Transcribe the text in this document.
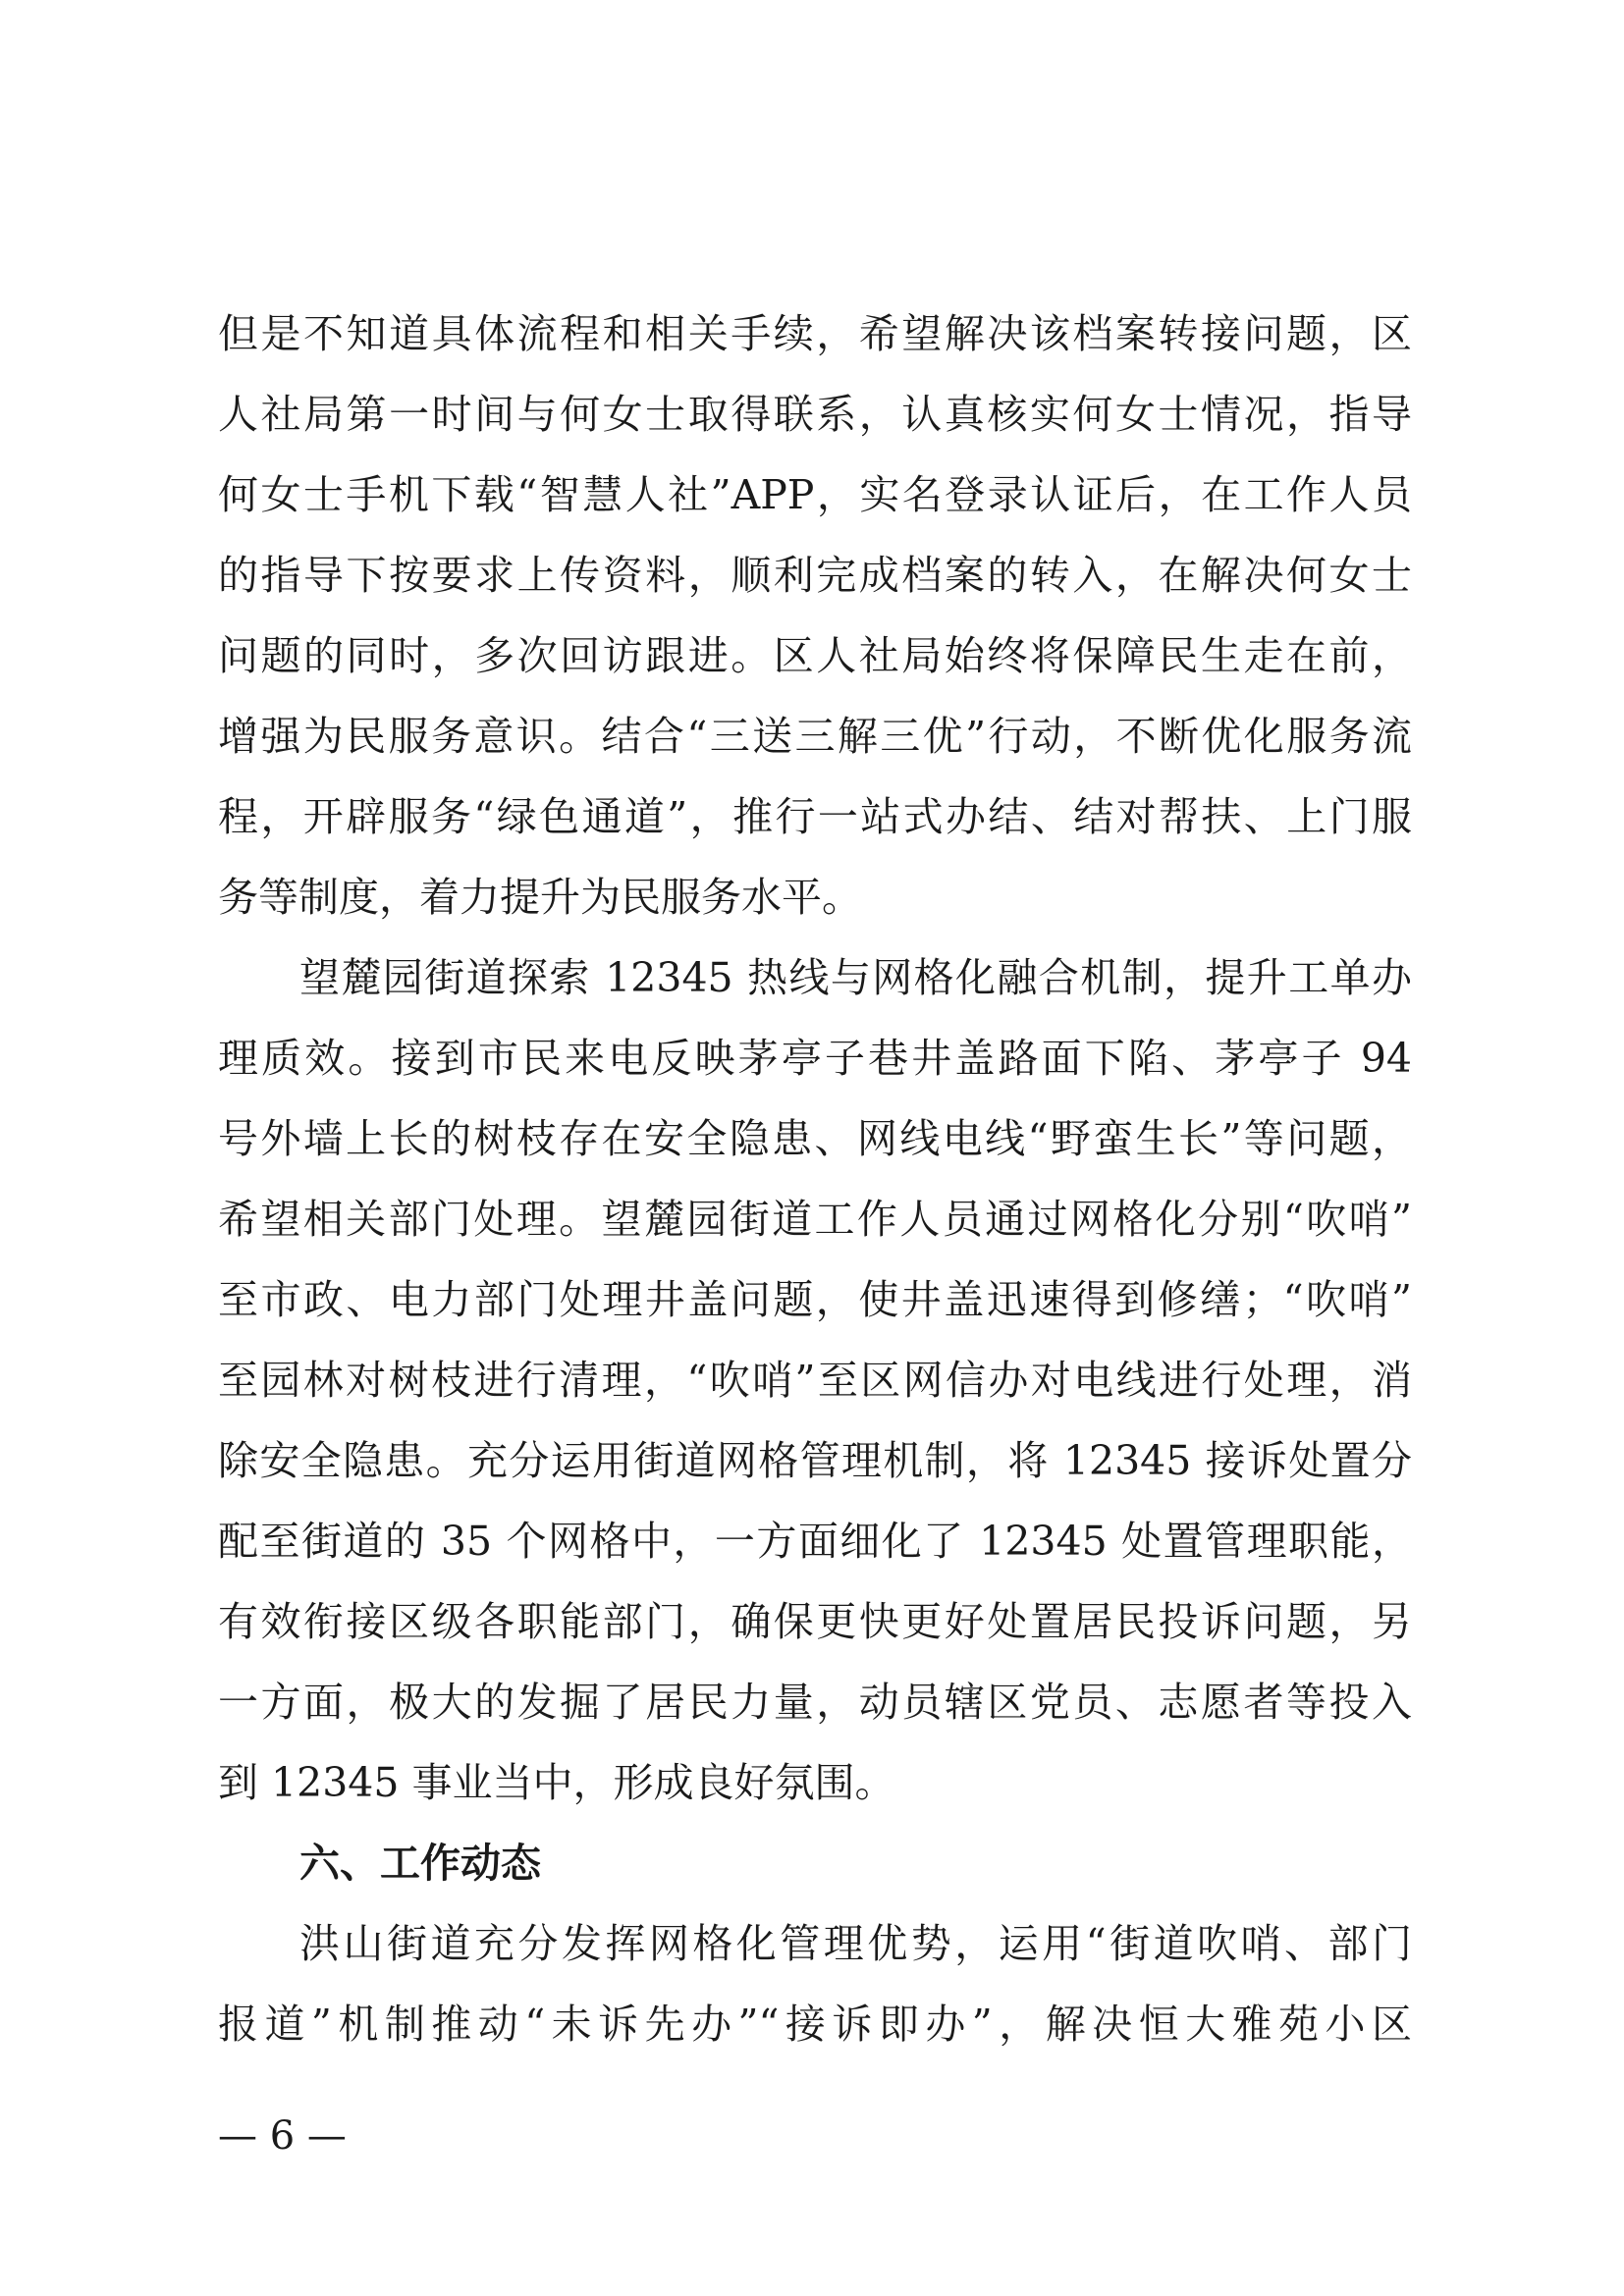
但是不知道具体流程和相关手续，希望解决该档案转接问题，区
人社局第一时间与何女士取得联系，认真核实何女士情况，指导
何女士手机下载“智慧人社”APP，实名登录认证后，在工作人员
的指导下按要求上传资料，顺利完成档案的转入，在解决何女士
问题的同时，多次回访跟进。区人社局始终将保障民生走在前，
增强为民服务意识。结合“三送三解三优”行动，不断优化服务流
程，开辟服务“绿色通道”，推行一站式办结、结对帮扶、上门服
务等制度，着力提升为民服务水平。
望麓园街道探索 12345 热线与网格化融合机制，提升工单办
理质效。接到市民来电反映茅亭子巷井盖路面下陷、茅亭子 94
号外墙上长的树枝存在安全隐患、网线电线“野蛮生长”等问题，
希望相关部门处理。望麓园街道工作人员通过网格化分别“吹哨”
至市政、电力部门处理井盖问题，使井盖迅速得到修缮；“吹哨”
至园林对树枝进行清理，“吹哨”至区网信办对电线进行处理，消
除安全隐患。充分运用街道网格管理机制，将 12345 接诉处置分
配至街道的 35 个网格中，一方面细化了 12345 处置管理职能，
有效衔接区级各职能部门，确保更快更好处置居民投诉问题，另
一方面，极大的发掘了居民力量，动员辖区党员、志愿者等投入
到 12345 事业当中，形成良好氛围。
六、工作动态
洪山街道充分发挥网格化管理优势，运用“街道吹哨、部门
报道”机制推动“未诉先办”“接诉即办”，解决恒大雅苑小区
— 6 —
